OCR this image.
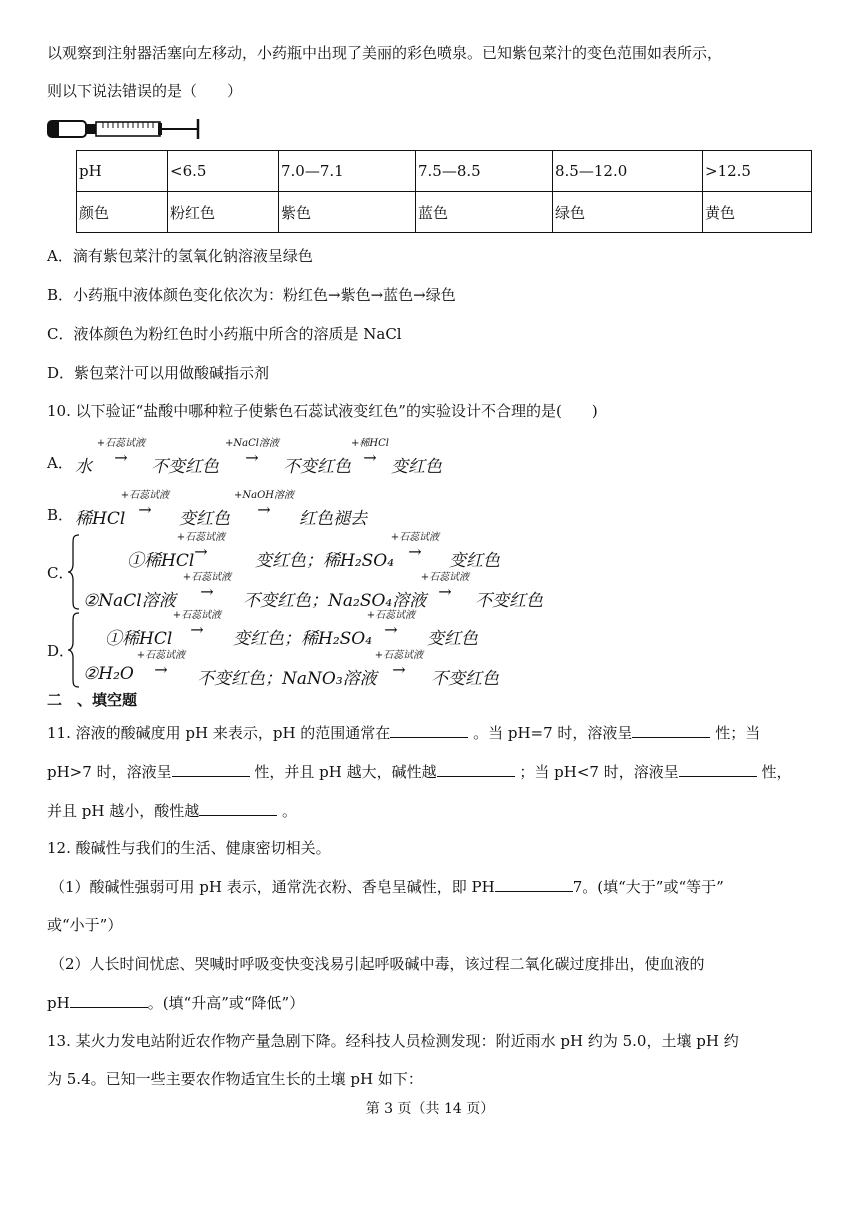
以观察到注射器活塞向左移动，小药瓶中出现了美丽的彩色喷泉。已知紫包菜汁的变色范围如表所示，
则以下说法错误的是（　　）
pH	<6.5	7.0—7.1	7.5—8.5	8.5—12.0	>12.5
颜色	粉红色	紫色	蓝色	绿色	黄色
A．滴有紫包菜汁的氢氧化钠溶液呈绿色
B．小药瓶中液体颜色变化依次为：粉红色→紫色→蓝色→绿色
C．液体颜色为粉红色时小药瓶中所含的溶质是 NaCl
D．紫包菜汁可以用做酸碱指示剂
10. 以下验证“盐酸中哪种粒子使紫色石蕊试液变红色”的实验设计不合理的是(　　)
A． 水
+石蕊试液
→	不变红色
+NaCl溶液
→	不变红色
+稀HCl
→ 变红色
B． 稀HCl
+石蕊试液
→	变红色
+NaOH溶液
→	红色褪去
C．
①稀HCl
+石蕊试液
→	变红色；稀H₂SO₄
+石蕊试液
→	变红色
②NaCl溶液
+石蕊试液
→	不变红色；Na₂SO₄溶液
+石蕊试液
→	不变红色
D．
①稀HCl
+石蕊试液
→	变红色；稀H₂SO₄
+石蕊试液
→	变红色
②H₂O
+石蕊试液
→	不变红色；NaNO₃溶液
+石蕊试液
→	不变红色
二　、填空题
11. 溶液的酸碱度用 pH 来表示，pH 的范围通常在	。当 pH=7 时，溶液呈	性；当
pH>7 时，溶液呈	性，并且 pH 越大，碱性越	；当 pH<7 时，溶液呈	性，
并且 pH 越小，酸性越	。
12. 酸碱性与我们的生活、健康密切相关。
（1）酸碱性强弱可用 pH 表示，通常洗衣粉、香皂呈碱性，即 PH	7。(填“大于”或“等于”
或“小于”）
（2）人长时间忧虑、哭喊时呼吸变快变浅易引起呼吸碱中毒，该过程二氧化碳过度排出，使血液的
pH	。(填“升高”或“降低”）
13. 某火力发电站附近农作物产量急剧下降。经科技人员检测发现：附近雨水 pH 约为 5.0，土壤 pH 约
为 5.4。已知一些主要农作物适宜生长的土壤 pH 如下：
第 3 页（共 14 页）
